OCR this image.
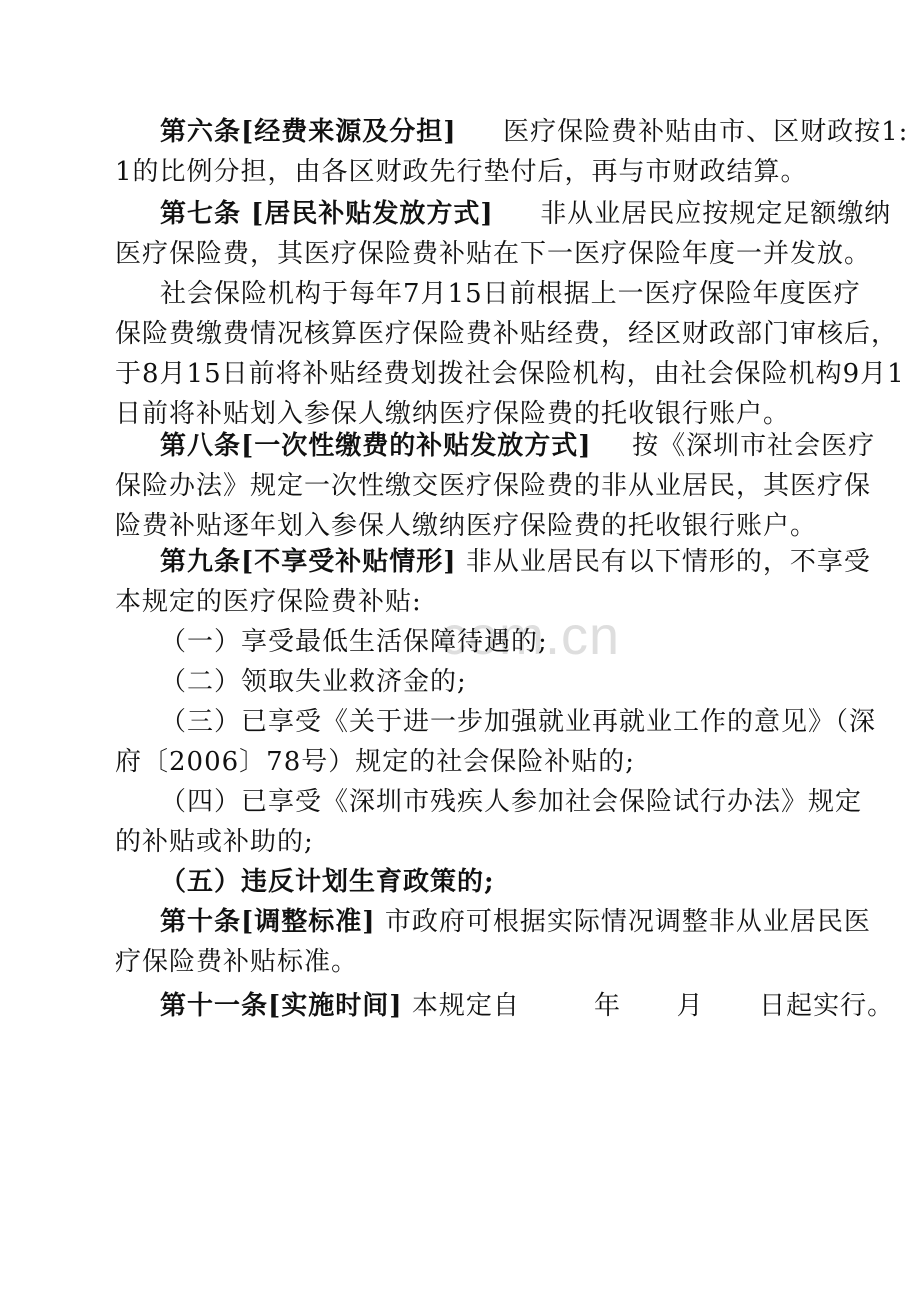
com.cn
第六条[经费来源及分担] 医疗保险费补贴由市、区财政按1:
1的比例分担，由各区财政先行垫付后，再与市财政结算。
第七条 [居民补贴发放方式] 非从业居民应按规定足额缴纳
医疗保险费，其医疗保险费补贴在下一医疗保险年度一并发放。
社会保险机构于每年7月15日前根据上一医疗保险年度医疗
保险费缴费情况核算医疗保险费补贴经费，经区财政部门审核后，
于8月15日前将补贴经费划拨社会保险机构，由社会保险机构9月1
日前将补贴划入参保人缴纳医疗保险费的托收银行账户。
第八条[一次性缴费的补贴发放方式] 按《深圳市社会医疗
保险办法》规定一次性缴交医疗保险费的非从业居民，其医疗保
险费补贴逐年划入参保人缴纳医疗保险费的托收银行账户。
第九条[不享受补贴情形] 非从业居民有以下情形的，不享受
本规定的医疗保险费补贴:
（一）享受最低生活保障待遇的;
（二）领取失业救济金的;
（三）已享受《关于进一步加强就业再就业工作的意见》（深
府〔2006〕78号）规定的社会保险补贴的;
（四）已享受《深圳市残疾人参加社会保险试行办法》规定
的补贴或补助的;
（五）违反计划生育政策的;
第十条[调整标准] 市政府可根据实际情况调整非从业居民医
疗保险费补贴标准。
第十一条[实施时间] 本规定自        年      月      日起实行。
